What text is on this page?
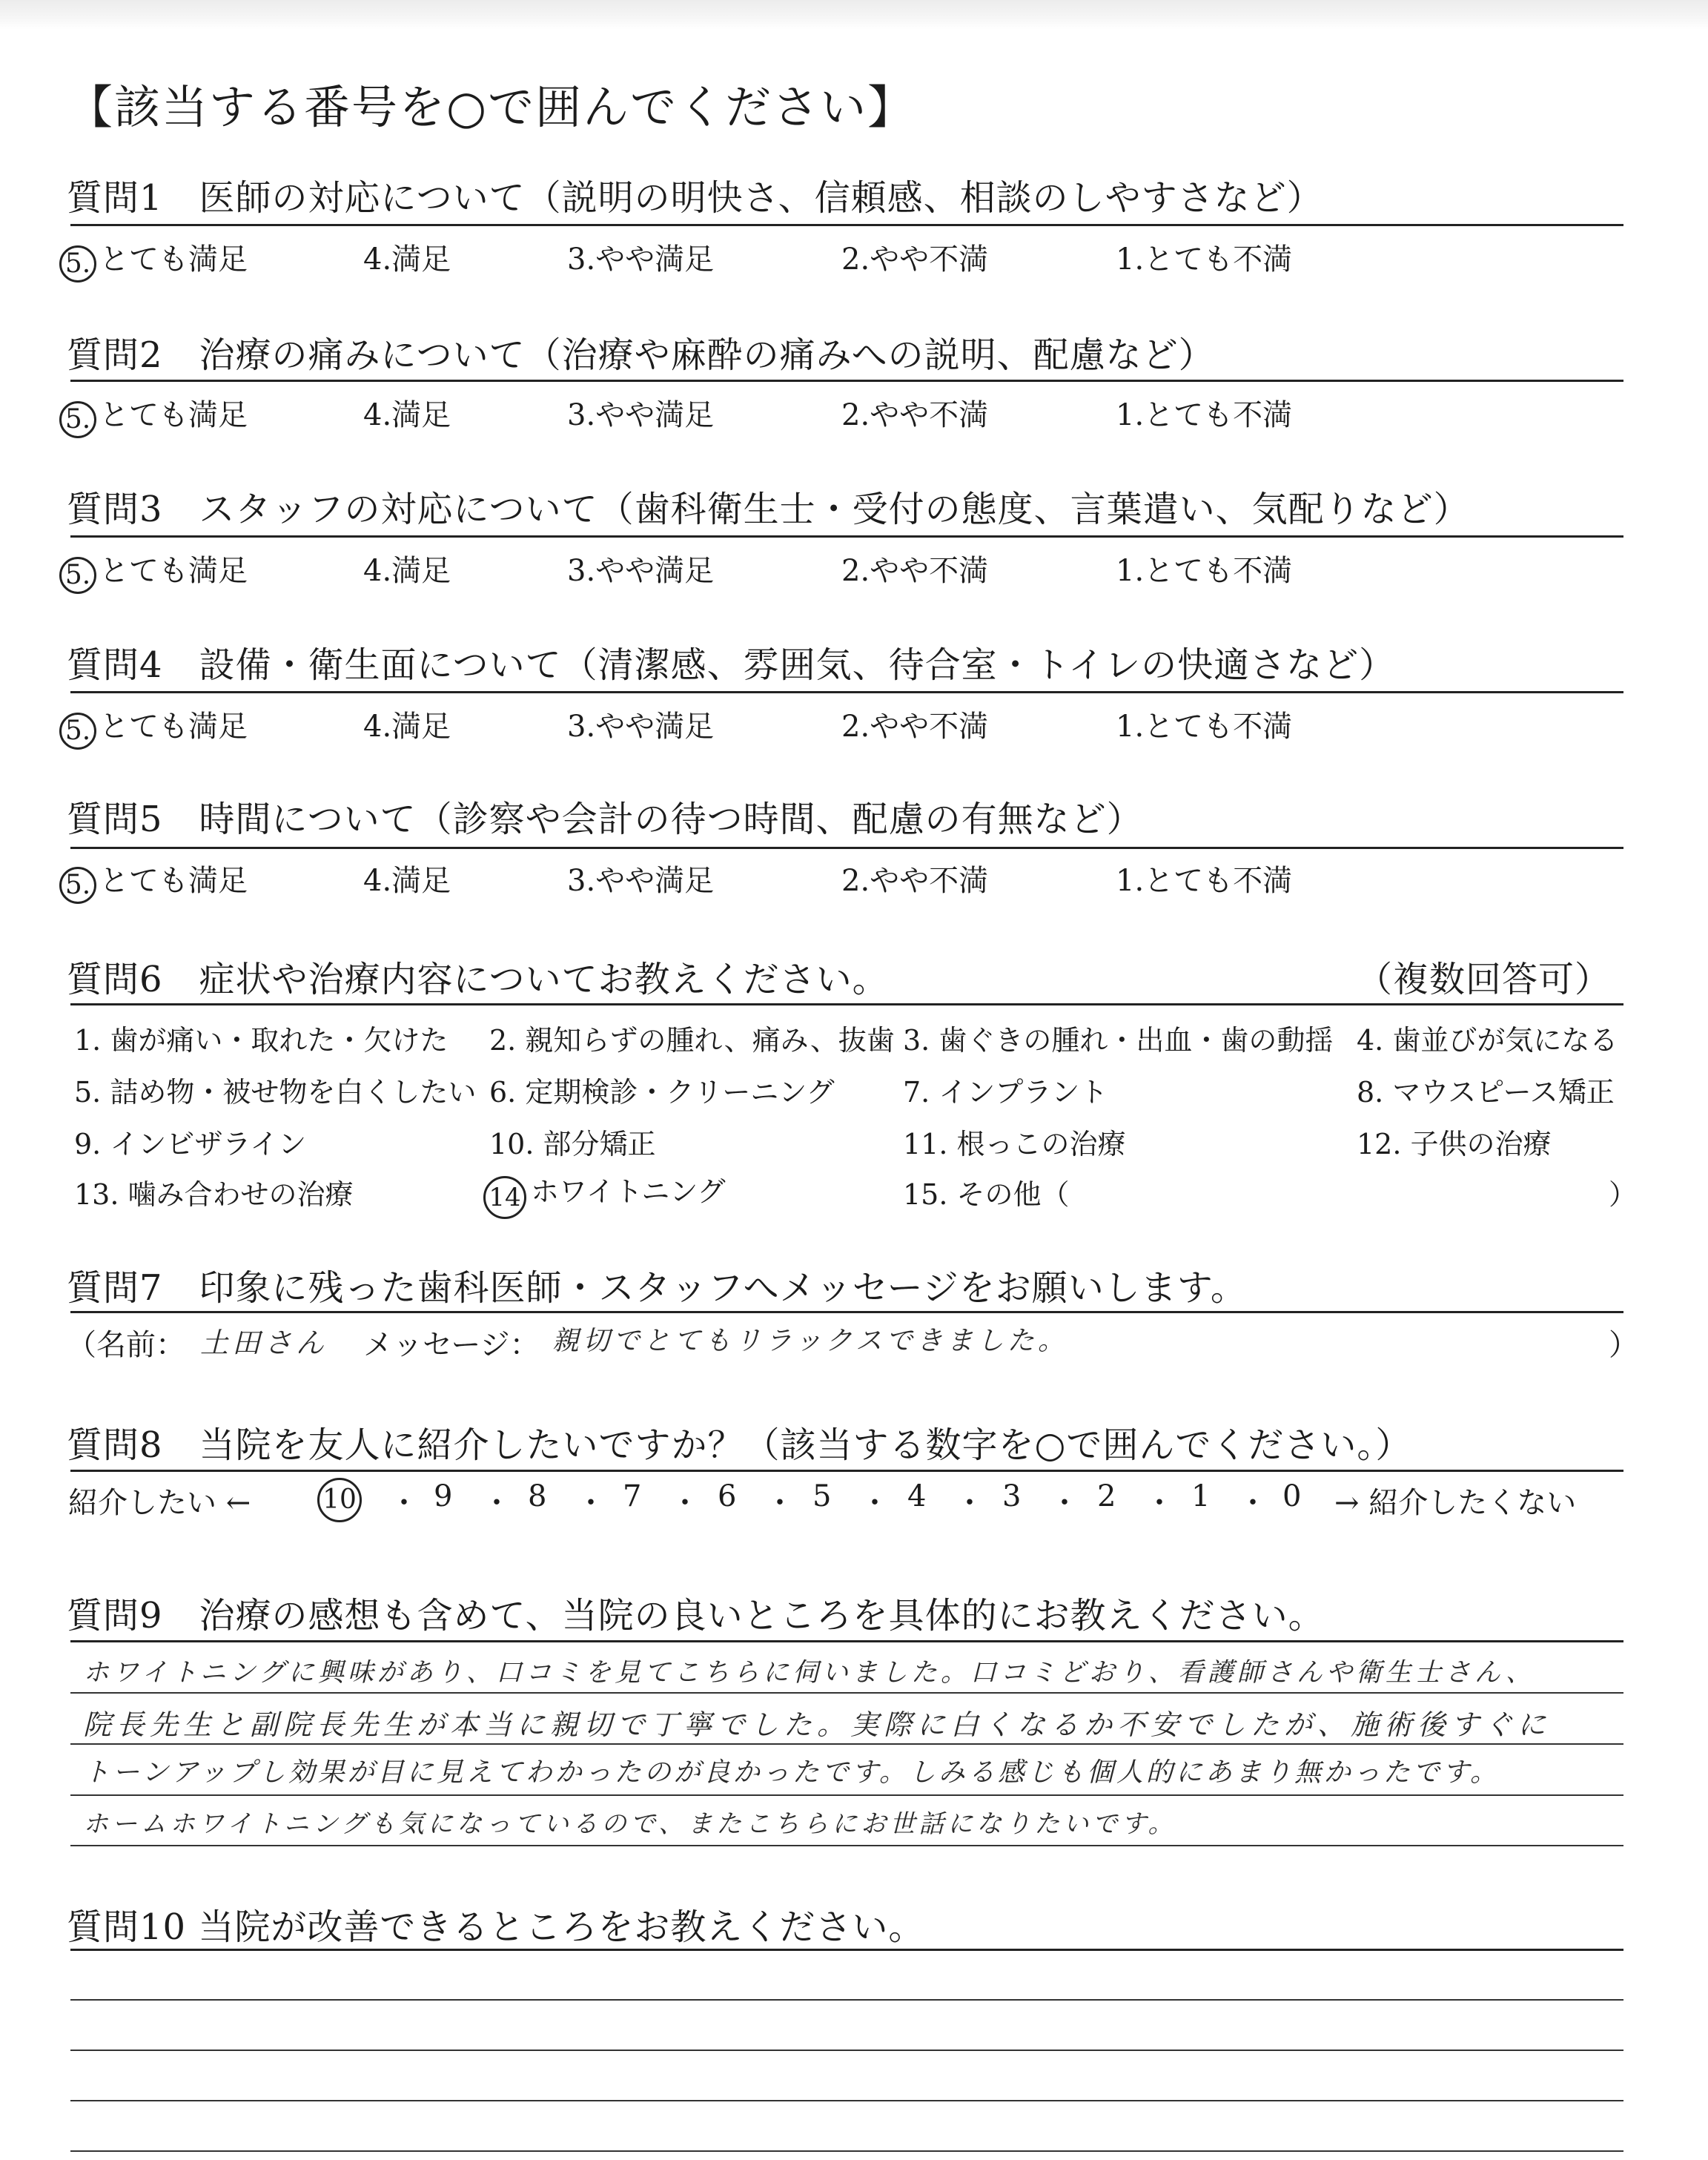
【該当する番号を○で囲んでください】
質問1　医師の対応について（説明の明快さ、信頼感、相談のしやすさなど）
5. とても満足	4.満足	3.やや満足	2.やや不満	1.とても不満
質問2　治療の痛みについて（治療や麻酔の痛みへの説明、配慮など）
5. とても満足	4.満足	3.やや満足	2.やや不満	1.とても不満
質問3　スタッフの対応について（歯科衛生士・受付の態度、言葉遣い、気配りなど）
5. とても満足	4.満足	3.やや満足	2.やや不満	1.とても不満
質問4　設備・衛生面について（清潔感、雰囲気、待合室・トイレの快適さなど）
5. とても満足	4.満足	3.やや満足	2.やや不満	1.とても不満
質問5　時間について（診察や会計の待つ時間、配慮の有無など）
5. とても満足	4.満足	3.やや満足	2.やや不満	1.とても不満
質問6　症状や治療内容についてお教えください。	（複数回答可）
1. 歯が痛い・取れた・欠けた 2. 親知らずの腫れ、痛み、抜歯 3. 歯ぐきの腫れ・出血・歯の動揺 4. 歯並びが気になる
5. 詰め物・被せ物を白くしたい 6. 定期検診・クリーニング 7. インプラント	8. マウスピース矯正
9. インビザライン	10. 部分矯正	11. 根っこの治療	12. 子供の治療
13. 噛み合わせの治療	14 ホワイトニング	15. その他（	）
質問7　印象に残った歯科医師・スタッフへメッセージをお願いします。
（名前： 土田さん メッセージ： 親切でとてもリラックスできました。	）
質問8　当院を友人に紹介したいですか？（該当する数字を○で囲んでください。）
紹介したい ←	10 ・ 9 ・ 8 ・ 7 ・ 6 ・ 5 ・ 4 ・ 3 ・ 2 ・ 1 ・ 0 → 紹介したくない
質問9　治療の感想も含めて、当院の良いところを具体的にお教えください。
ホワイトニングに興味があり、口コミを見てこちらに伺いました。口コミどおり、看護師さんや衛生士さん、
院長先生と副院長先生が本当に親切で丁寧でした。実際に白くなるか不安でしたが、施術後すぐに
トーンアップし効果が目に見えてわかったのが良かったです。しみる感じも個人的にあまり無かったです。
ホームホワイトニングも気になっているので、またこちらにお世話になりたいです。
質問10 当院が改善できるところをお教えください。
